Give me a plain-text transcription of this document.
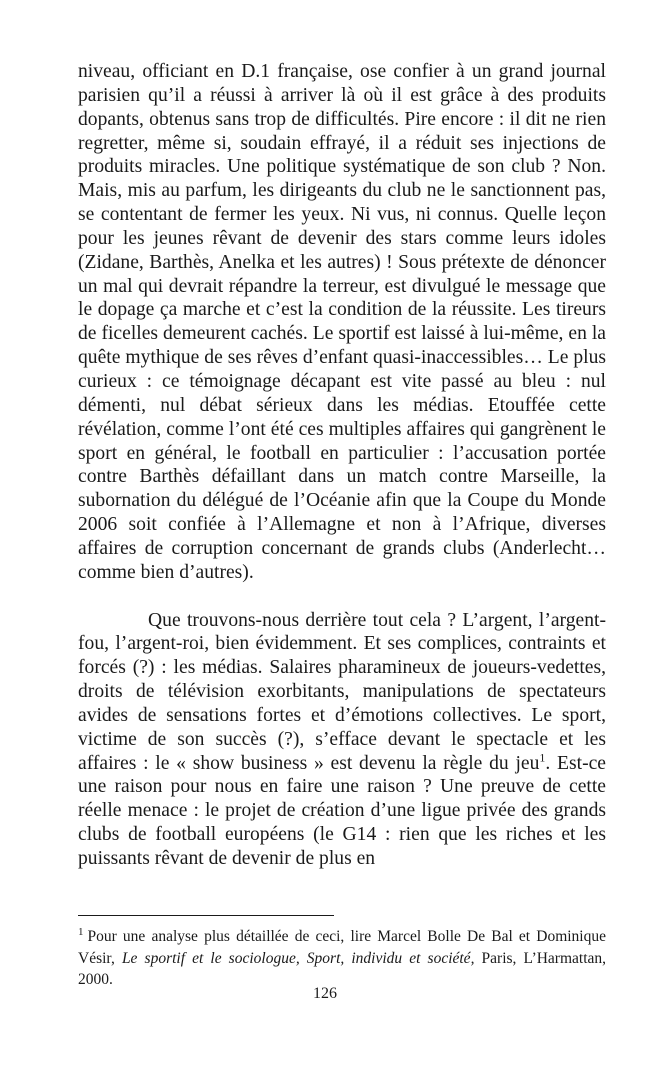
niveau, officiant en D.1 française, ose confier à un grand journal parisien qu’il a réussi à arriver là où il est grâce à des produits dopants, obtenus sans trop de difficultés. Pire encore : il dit ne rien regretter, même si, soudain effrayé, il a réduit ses injections de produits miracles. Une politique systématique de son club ? Non. Mais, mis au parfum, les dirigeants du club ne le sanctionnent pas, se contentant de fermer les yeux. Ni vus, ni connus. Quelle leçon pour les jeunes rêvant de devenir des stars comme leurs idoles (Zidane, Barthès, Anelka et les autres) ! Sous prétexte de dénoncer un mal qui devrait répandre la terreur, est divulgué le message que le dopage ça marche et c’est la condition de la réussite. Les tireurs de ficelles demeurent cachés. Le sportif est laissé à lui-même, en la quête mythique de ses rêves d’enfant quasi-inaccessibles… Le plus curieux : ce témoignage décapant est vite passé au bleu : nul démenti, nul débat sérieux dans les médias. Etouffée cette révélation, comme l’ont été ces multiples affaires qui gangrènent le sport en général, le football en particulier : l’accusation portée contre Barthès défaillant dans un match contre Marseille, la subornation du délégué de l’Océanie afin que la Coupe du Monde 2006 soit confiée à l’Allemagne et non à l’Afrique, diverses affaires de corruption concernant de grands clubs (Anderlecht… comme bien d’autres).

Que trouvons-nous derrière tout cela ? L’argent, l’argent-fou, l’argent-roi, bien évidemment. Et ses complices, contraints et forcés (?) : les médias. Salaires pharamineux de joueurs-vedettes, droits de télévision exorbitants, manipulations de spectateurs avides de sensations fortes et d’émotions collectives. Le sport, victime de son succès (?), s’efface devant le spectacle et les affaires : le « show business » est devenu la règle du jeu$^1$. Est-ce une raison pour nous en faire une raison ? Une preuve de cette réelle menace : le projet de création d’une ligue privée des grands clubs de football européens (le G14 : rien que les riches et les puissants rêvant de devenir de plus en

$^1$ Pour une analyse plus détaillée de ceci, lire Marcel Bolle De Bal et Dominique Vésir, Le sportif et le sociologue, Sport, individu et société, Paris, L’Harmattan, 2000.
126
